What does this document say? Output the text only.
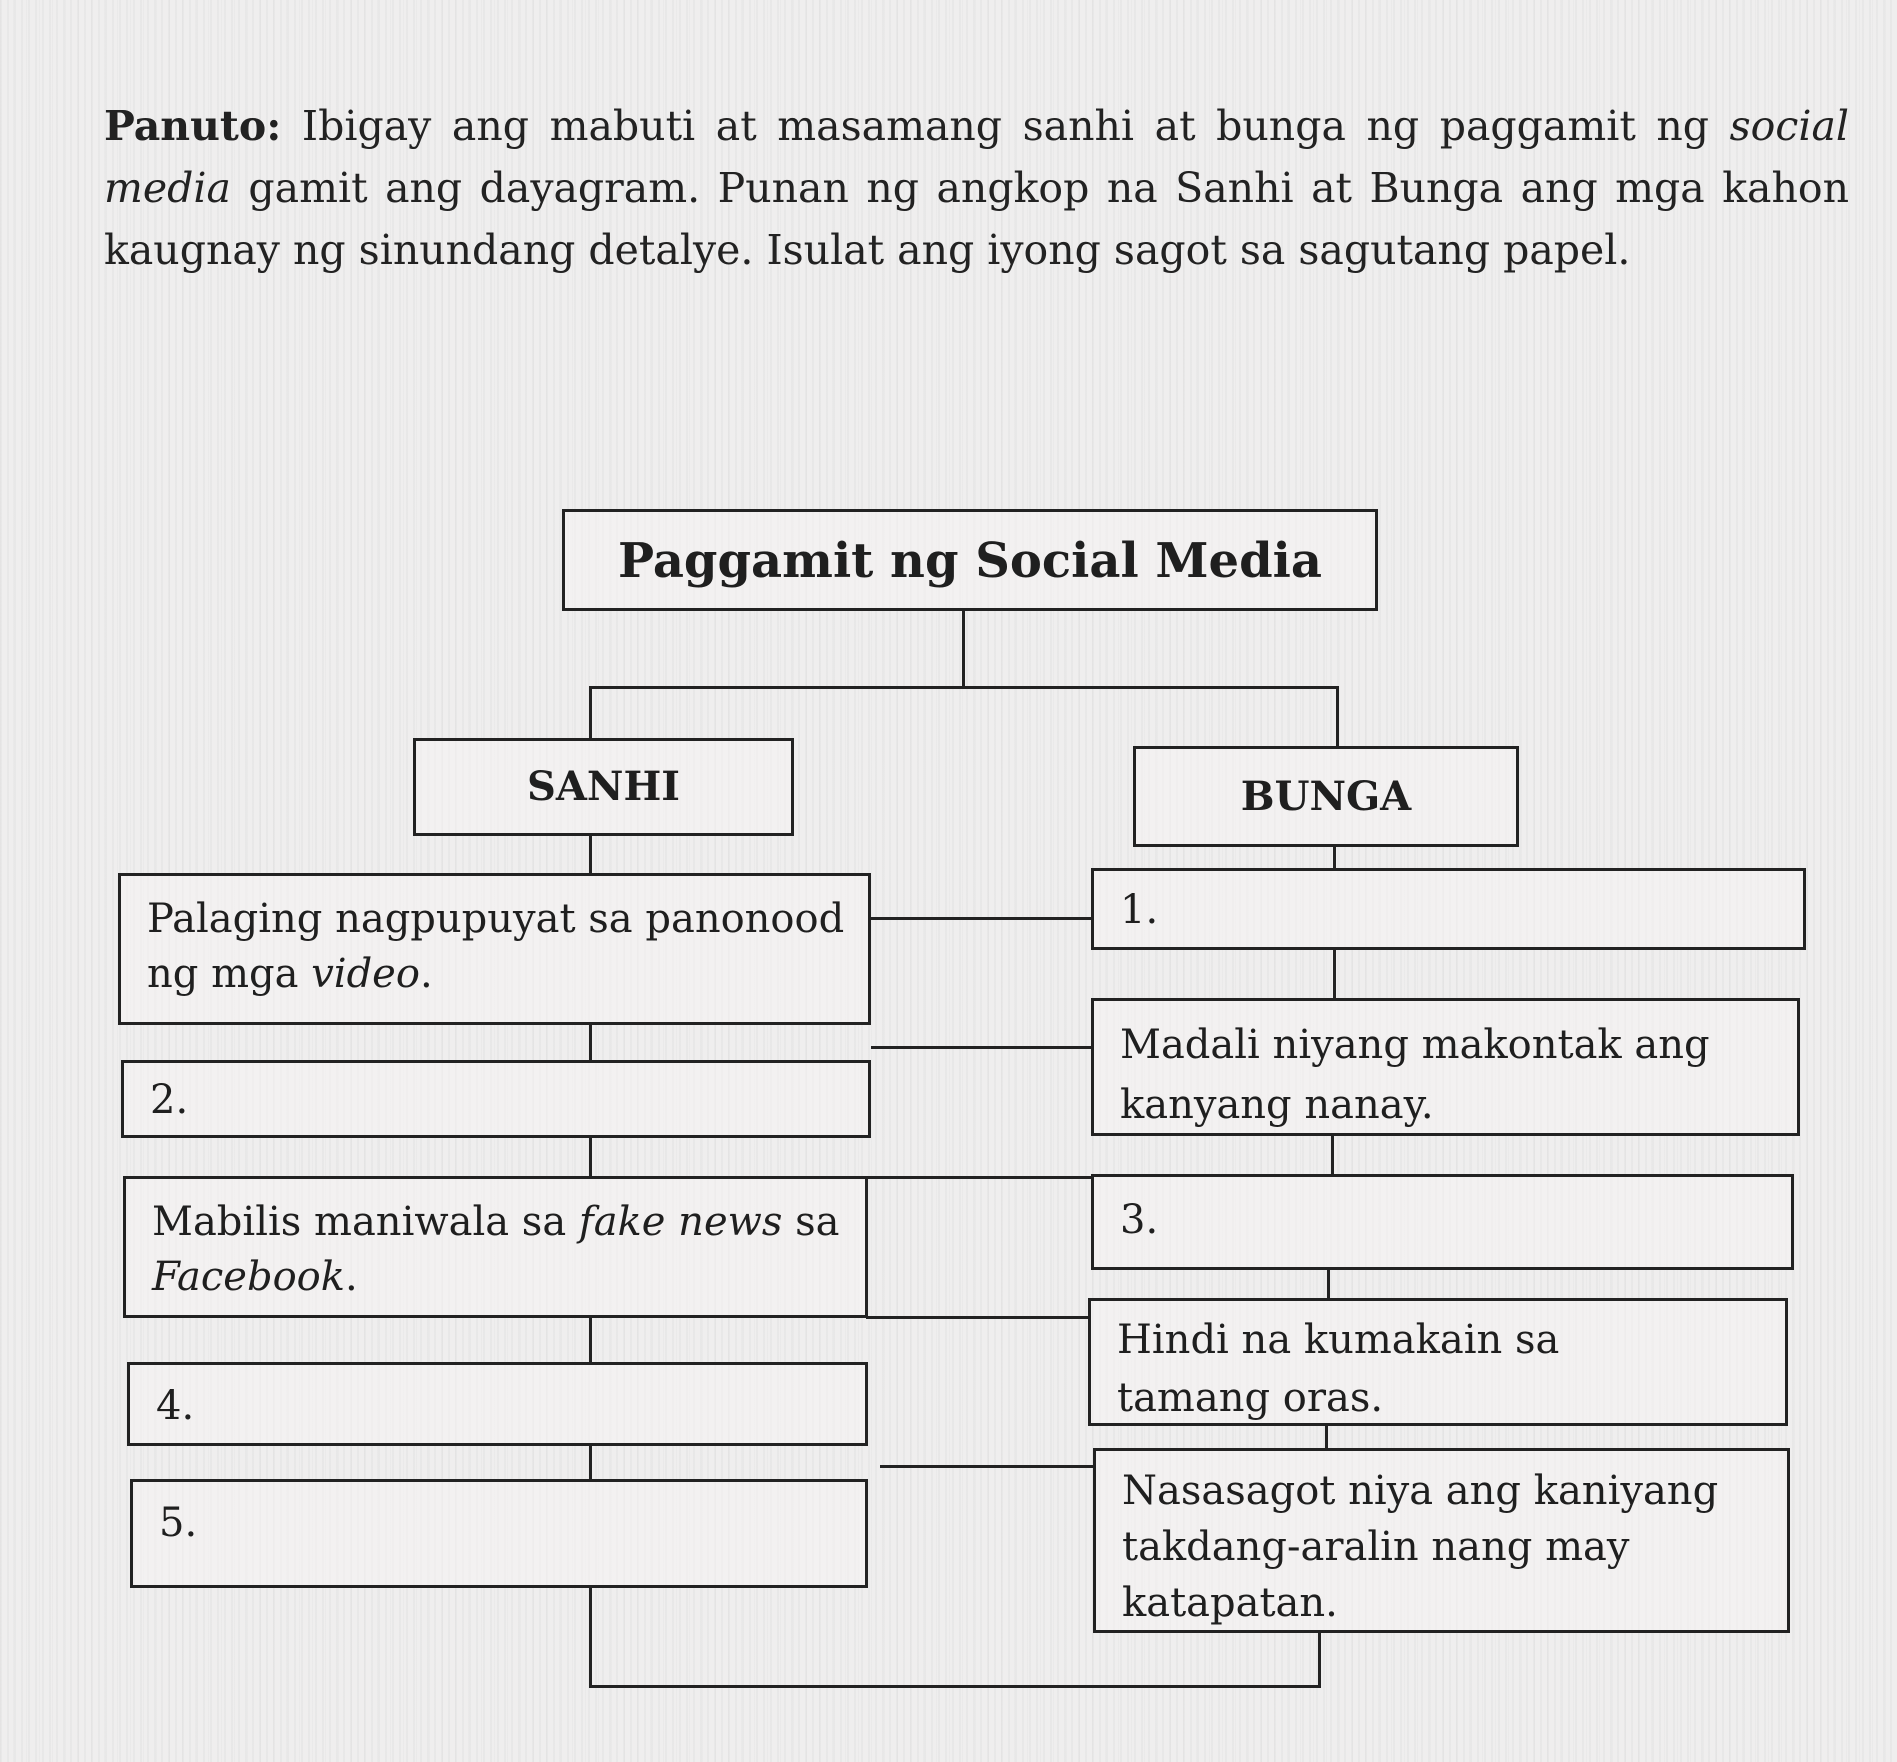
Panuto: Ibigay ang mabuti at masamang sanhi at bunga ng paggamit ng social media gamit ang dayagram. Punan ng angkop na Sanhi at Bunga ang mga kahon kaugnay ng sinundang detalye. Isulat ang iyong sagot sa sagutang papel.
Paggamit ng Social Media
SANHI	BUNGA
Palaging nagpupuyat sa panonood ng mga video.
2.
Mabilis maniwala sa fake news sa Facebook.
4.
5.
1.
Madali niyang makontak ang kanyang nanay.
3.
Hindi na kumakain sa tamang oras.
Nasasagot niya ang kaniyang takdang-aralin nang may katapatan.
